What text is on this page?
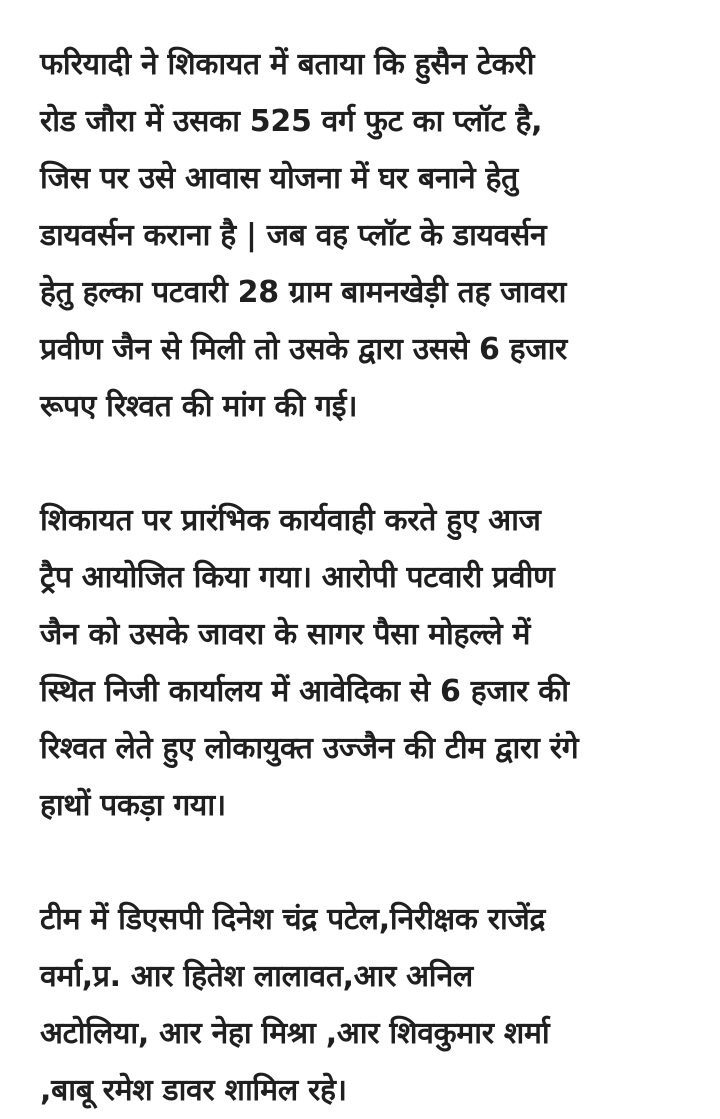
फरियादी ने शिकायत में बताया कि हुसैन टेकरी
रोड जौरा में उसका 525 वर्ग फुट का प्लॉट है,
जिस पर उसे आवास योजना में घर बनाने हेतु
डायवर्सन कराना है | जब वह प्लॉट के डायवर्सन
हेतु हल्का पटवारी 28 ग्राम बामनखेड़ी तह जावरा
प्रवीण जैन से मिली तो उसके द्वारा उससे 6 हजार
रूपए रिश्वत की मांग की गई।
शिकायत पर प्रारंभिक कार्यवाही करते हुए आज
ट्रैप आयोजित किया गया। आरोपी पटवारी प्रवीण
जैन को उसके जावरा के सागर पैसा मोहल्ले में
स्थित निजी कार्यालय में आवेदिका से 6 हजार की
रिश्वत लेते हुए लोकायुक्त उज्जैन की टीम द्वारा रंगे
हाथों पकड़ा गया।
टीम में डिएसपी दिनेश चंद्र पटेल,निरीक्षक राजेंद्र
वर्मा,प्र. आर हितेश लालावत,आर अनिल
अटोलिया, आर नेहा मिश्रा ,आर शिवकुमार शर्मा
,बाबू रमेश डावर शामिल रहे।
